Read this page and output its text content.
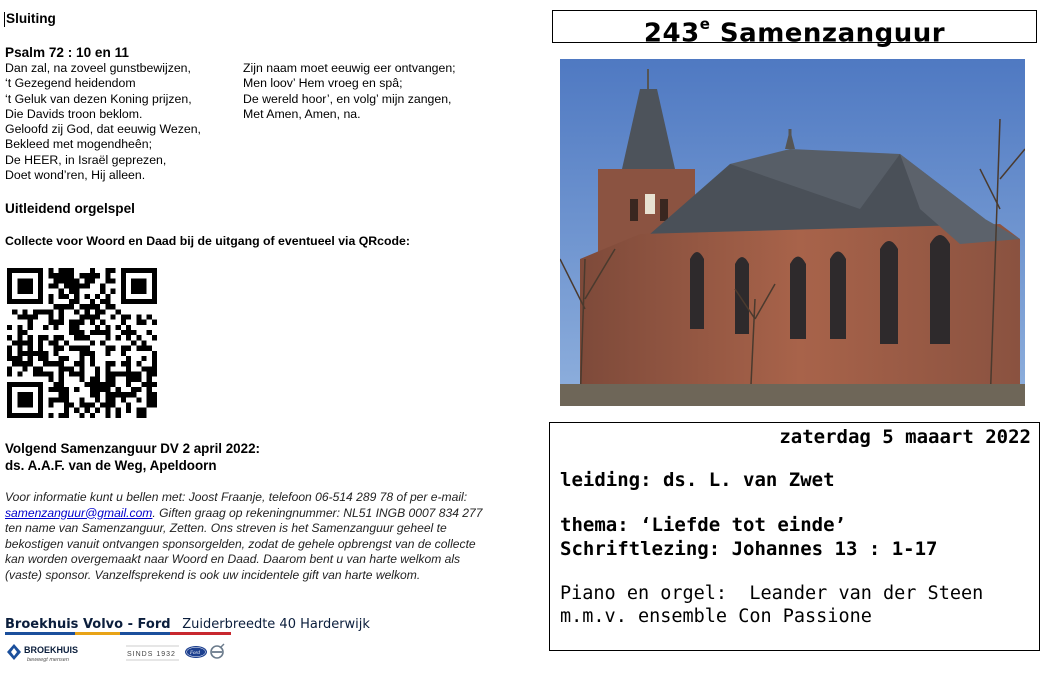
Sluiting
Psalm 72 : 10 en 11
Dan zal, na zoveel gunstbewijzen,
‘t Gezegend heidendom
‘t Geluk van dezen Koning prijzen,
Die Davids troon beklom.
Geloofd zij God, dat eeuwig Wezen,
Bekleed met mogendheên;
De HEER, in Israël geprezen,
Doet wond’ren, Hij alleen.
Zijn naam moet eeuwig eer ontvangen;
Men loov’ Hem vroeg en spâ;
De wereld hoor’, en volg’ mijn zangen,
Met Amen, Amen, na.
Uitleidend orgelspel
Collecte voor Woord en Daad bij de uitgang of eventueel via QRcode:
Volgend Samenzanguur DV 2 april 2022:
ds. A.A.F. van de Weg, Apeldoorn
Voor informatie kunt u bellen met: Joost Fraanje, telefoon 06-514 289 78 of per e-mail: samenzanguur@gmail.com. Giften graag op rekeningnummer: NL51 INGB 0007 834 277 ten name van Samenzanguur, Zetten. Ons streven is het Samenzanguur geheel te bekostigen vanuit ontvangen sponsorgelden, zodat de gehele opbrengst van de collecte kan worden overgemaakt naar Woord en Daad. Daarom bent u van harte welkom als (vaste) sponsor. Vanzelfsprekend is ook uw incidentele gift van harte welkom.
Broekhuis Volvo - Ford Zuiderbreedte 40 Harderwijk
BROEKHUIS
beweegt mensen
SINDS 1932	Ford
243e Samenzanguur
zaterdag 5 maaart 2022
leiding: ds. L. van Zwet
thema: ‘Liefde tot einde’
Schriftlezing: Johannes 13 : 1-17
Piano en orgel:  Leander van der Steen
m.m.v. ensemble Con Passione
